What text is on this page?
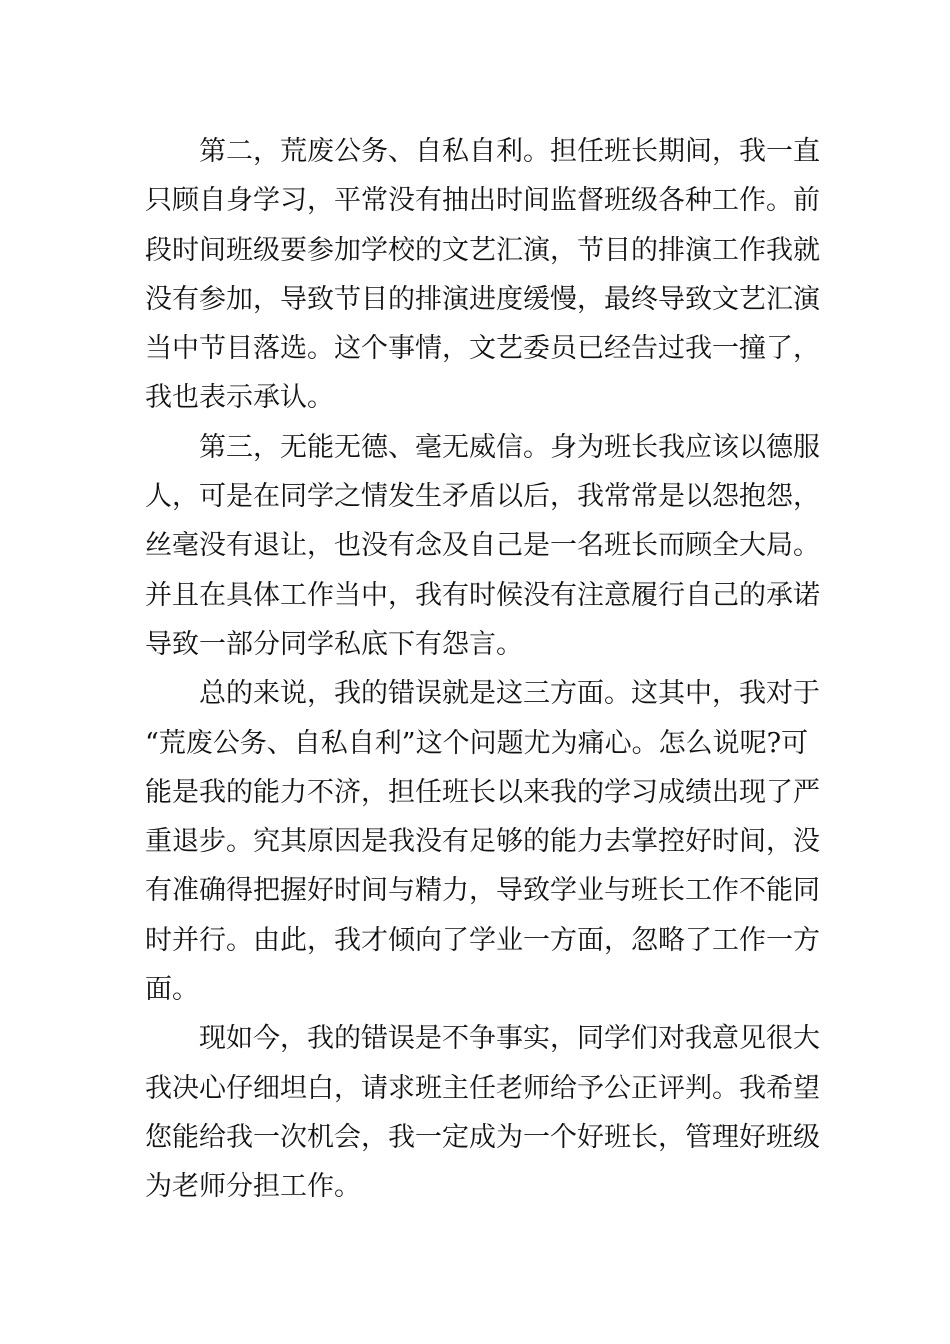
第二，荒废公务、自私自利。担任班长期间，我一直
只顾自身学习，平常没有抽出时间监督班级各种工作。前
段时间班级要参加学校的文艺汇演，节目的排演工作我就
没有参加，导致节目的排演进度缓慢，最终导致文艺汇演
当中节目落选。这个事情，文艺委员已经告过我一撞了，
我也表示承认。
第三，无能无德、毫无威信。身为班长我应该以德服
人，可是在同学之情发生矛盾以后，我常常是以怨抱怨，
丝毫没有退让，也没有念及自己是一名班长而顾全大局。
并且在具体工作当中，我有时候没有注意履行自己的承诺
导致一部分同学私底下有怨言。
总的来说，我的错误就是这三方面。这其中，我对于
“荒废公务、自私自利”这个问题尤为痛心。怎么说呢?可
能是我的能力不济，担任班长以来我的学习成绩出现了严
重退步。究其原因是我没有足够的能力去掌控好时间，没
有准确得把握好时间与精力，导致学业与班长工作不能同
时并行。由此，我才倾向了学业一方面，忽略了工作一方
面。
现如今，我的错误是不争事实，同学们对我意见很大
我决心仔细坦白，请求班主任老师给予公正评判。我希望
您能给我一次机会，我一定成为一个好班长，管理好班级
为老师分担工作。
